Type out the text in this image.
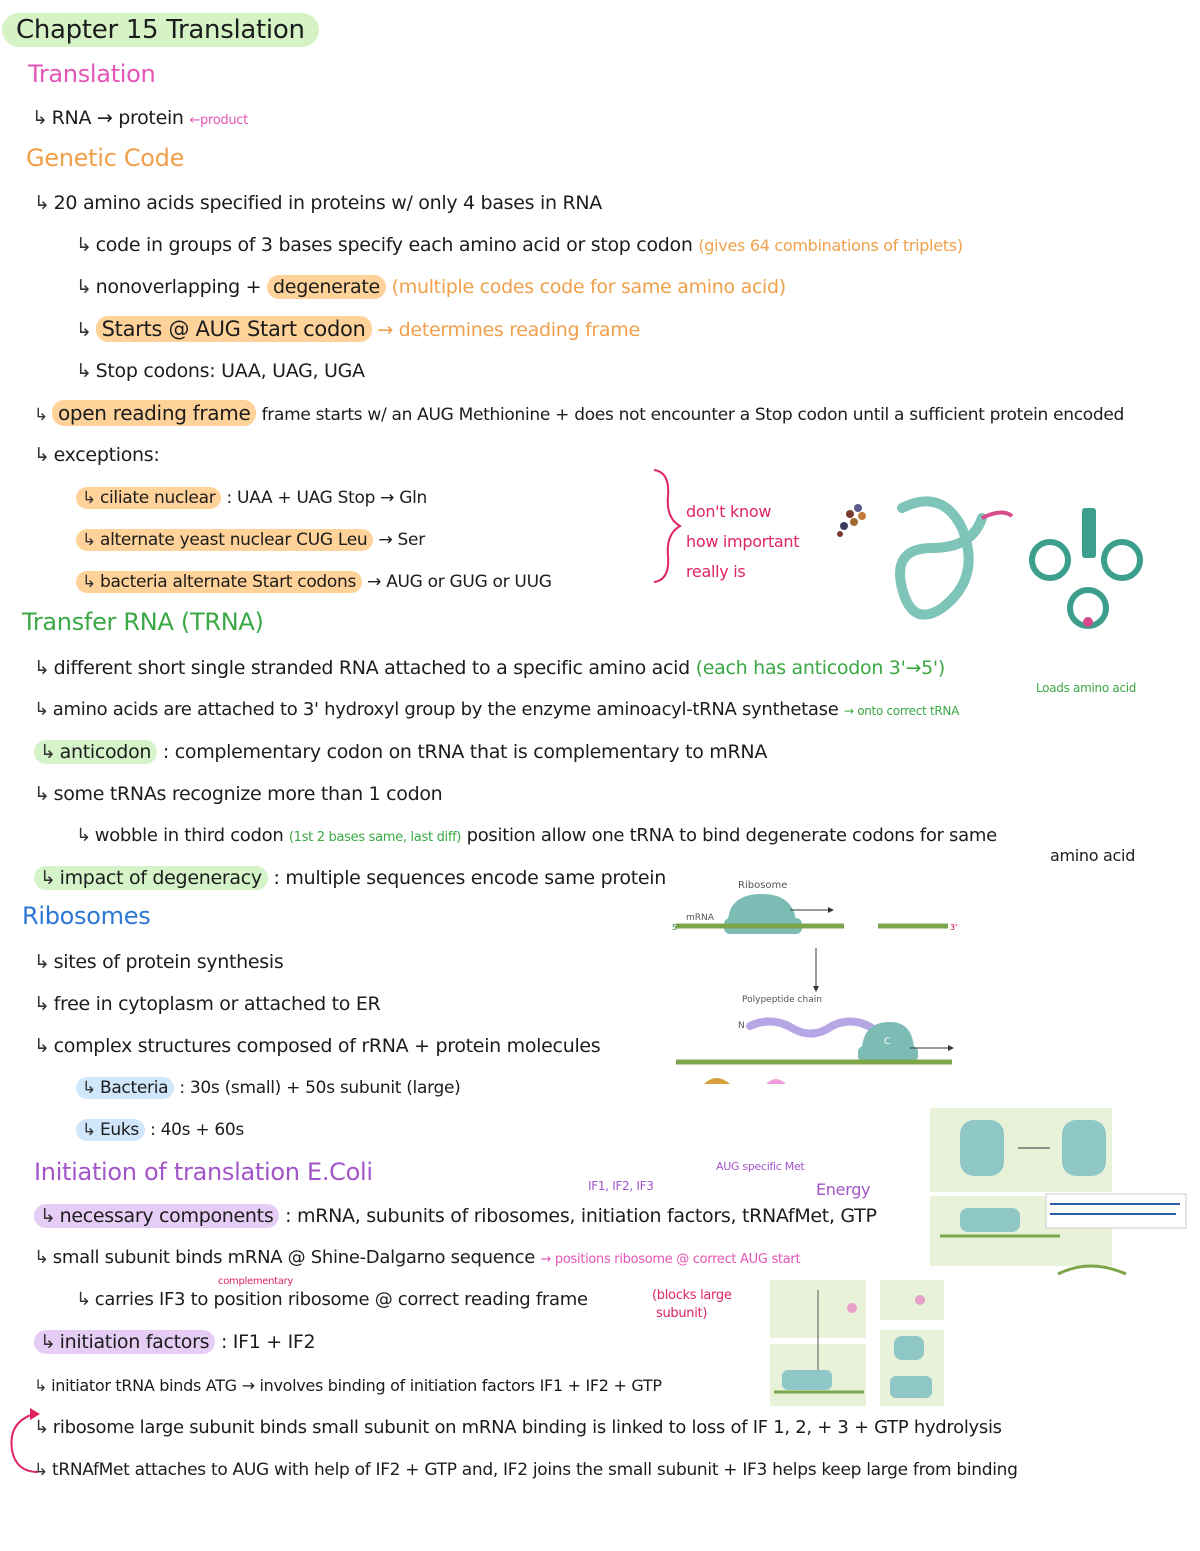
Chapter 15 Translation
Translation
↳ RNA → protein ←product
Genetic Code
↳ 20 amino acids specified in proteins w/ only 4 bases in RNA
↳ code in groups of 3 bases specify each amino acid or stop codon (gives 64 combinations of triplets)
↳ nonoverlapping + degenerate (multiple codes code for same amino acid)
↳ Starts @ AUG Start codon → determines reading frame
↳ Stop codons: UAA, UAG, UGA
↳ open reading frame frame starts w/ an AUG Methionine + does not encounter a Stop codon until a sufficient protein encoded
↳ exceptions:
↳ ciliate nuclear : UAA + UAG Stop → Gln
↳ alternate yeast nuclear CUG Leu → Ser
↳ bacteria alternate Start codons → AUG or GUG or UUG
don't know
how important
really is
Transfer RNA (TRNA)
↳ different short single stranded RNA attached to a specific amino acid (each has anticodon 3'→5')
Loads amino acid
↳ amino acids are attached to 3' hydroxyl group by the enzyme aminoacyl-tRNA synthetase → onto correct tRNA
↳ anticodon : complementary codon on tRNA that is complementary to mRNA
↳ some tRNAs recognize more than 1 codon
↳ wobble in third codon (1st 2 bases same, last diff) position allow one tRNA to bind degenerate codons for same
amino acid
↳ impact of degeneracy : multiple sequences encode same protein
Ribosomes
↳ sites of protein synthesis
↳ free in cytoplasm or attached to ER
↳ complex structures composed of rRNA + protein molecules
↳ Bacteria : 30s (small) + 50s subunit (large)
↳ Euks : 40s + 60s
Ribosome
mRNA
5'	3'
Polypeptide chain
N
C
Initiation of translation E.Coli	IF1, IF2, IF3
AUG specific Met
Energy
↳ necessary components : mRNA, subunits of ribosomes, initiation factors, tRNAfMet, GTP
↳ small subunit binds mRNA @ Shine-Dalgarno sequence → positions ribosome @ correct AUG start
complementary
↳ carries IF3 to position ribosome @ correct reading frame	(blocks large
subunit)
↳ initiation factors : IF1 + IF2
↳ initiator tRNA binds ATG → involves binding of initiation factors IF1 + IF2 + GTP
↳ ribosome large subunit binds small subunit on mRNA binding is linked to loss of IF 1, 2, + 3 + GTP hydrolysis
↳ tRNAfMet attaches to AUG with help of IF2 + GTP and, IF2 joins the small subunit + IF3 helps keep large from binding
